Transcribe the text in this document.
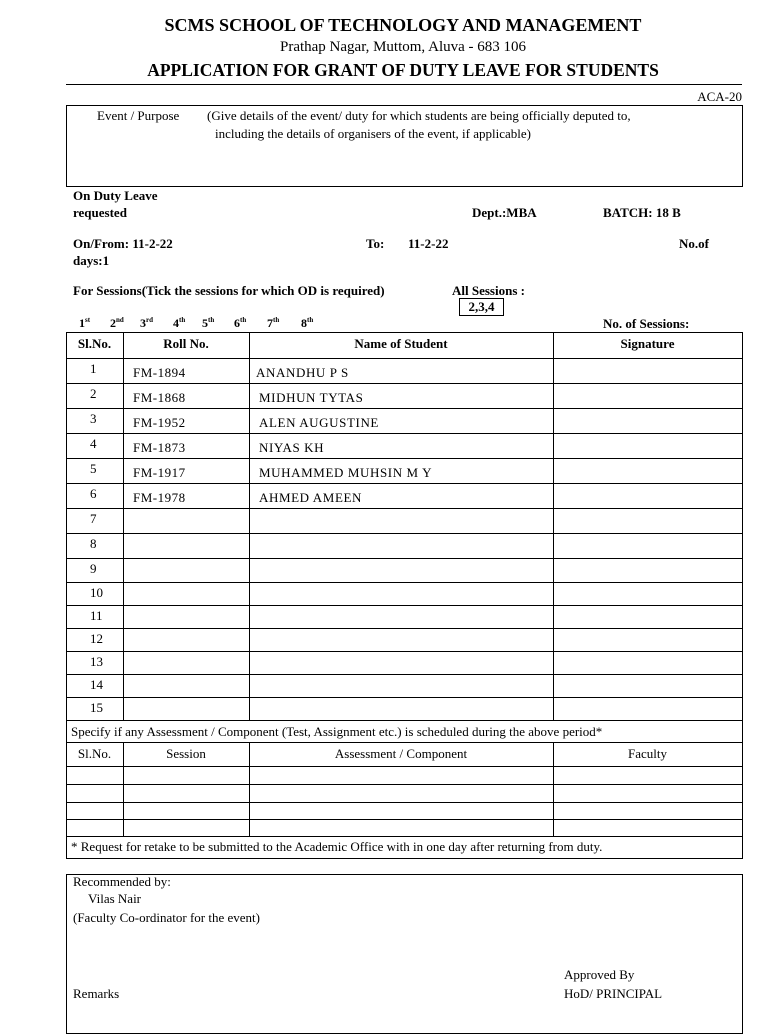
SCMS SCHOOL OF TECHNOLOGY AND MANAGEMENT
Prathap Nagar, Muttom, Aluva - 683 106
APPLICATION FOR GRANT OF DUTY LEAVE FOR STUDENTS
ACA-20
Event / Purpose (Give details of the event/ duty for which students are being officially deputed to,
including the details of organisers of the event, if applicable)
On Duty Leave
requested	Dept.:MBA	BATCH: 18 B
On/From: 11-2-22	To: 11-2-22	No.of
days:1
For Sessions(Tick the sessions for which OD is required)	All Sessions :
2,3,4
1st 2nd 3rd 4th 5th 6th 7th 8th	No. of Sessions:
Sl.No.	Roll No.	Name of Student	Signature
1	FM-1894	ANANDHU P S
2	FM-1868	MIDHUN TYTAS
3	FM-1952	ALEN AUGUSTINE
4	FM-1873	NIYAS KH
5	FM-1917	MUHAMMED MUHSIN M Y
6	FM-1978	AHMED AMEEN
7
8
9
10
11
12
13
14
15
Specify if any Assessment / Component (Test, Assignment etc.) is scheduled during the above period*
Sl.No.	Session	Assessment / Component	Faculty
* Request for retake to be submitted to the Academic Office with in one day after returning from duty.
Recommended by:
Vilas Nair
(Faculty Co-ordinator for the event)
Approved By
HoD/ PRINCIPAL
Remarks
